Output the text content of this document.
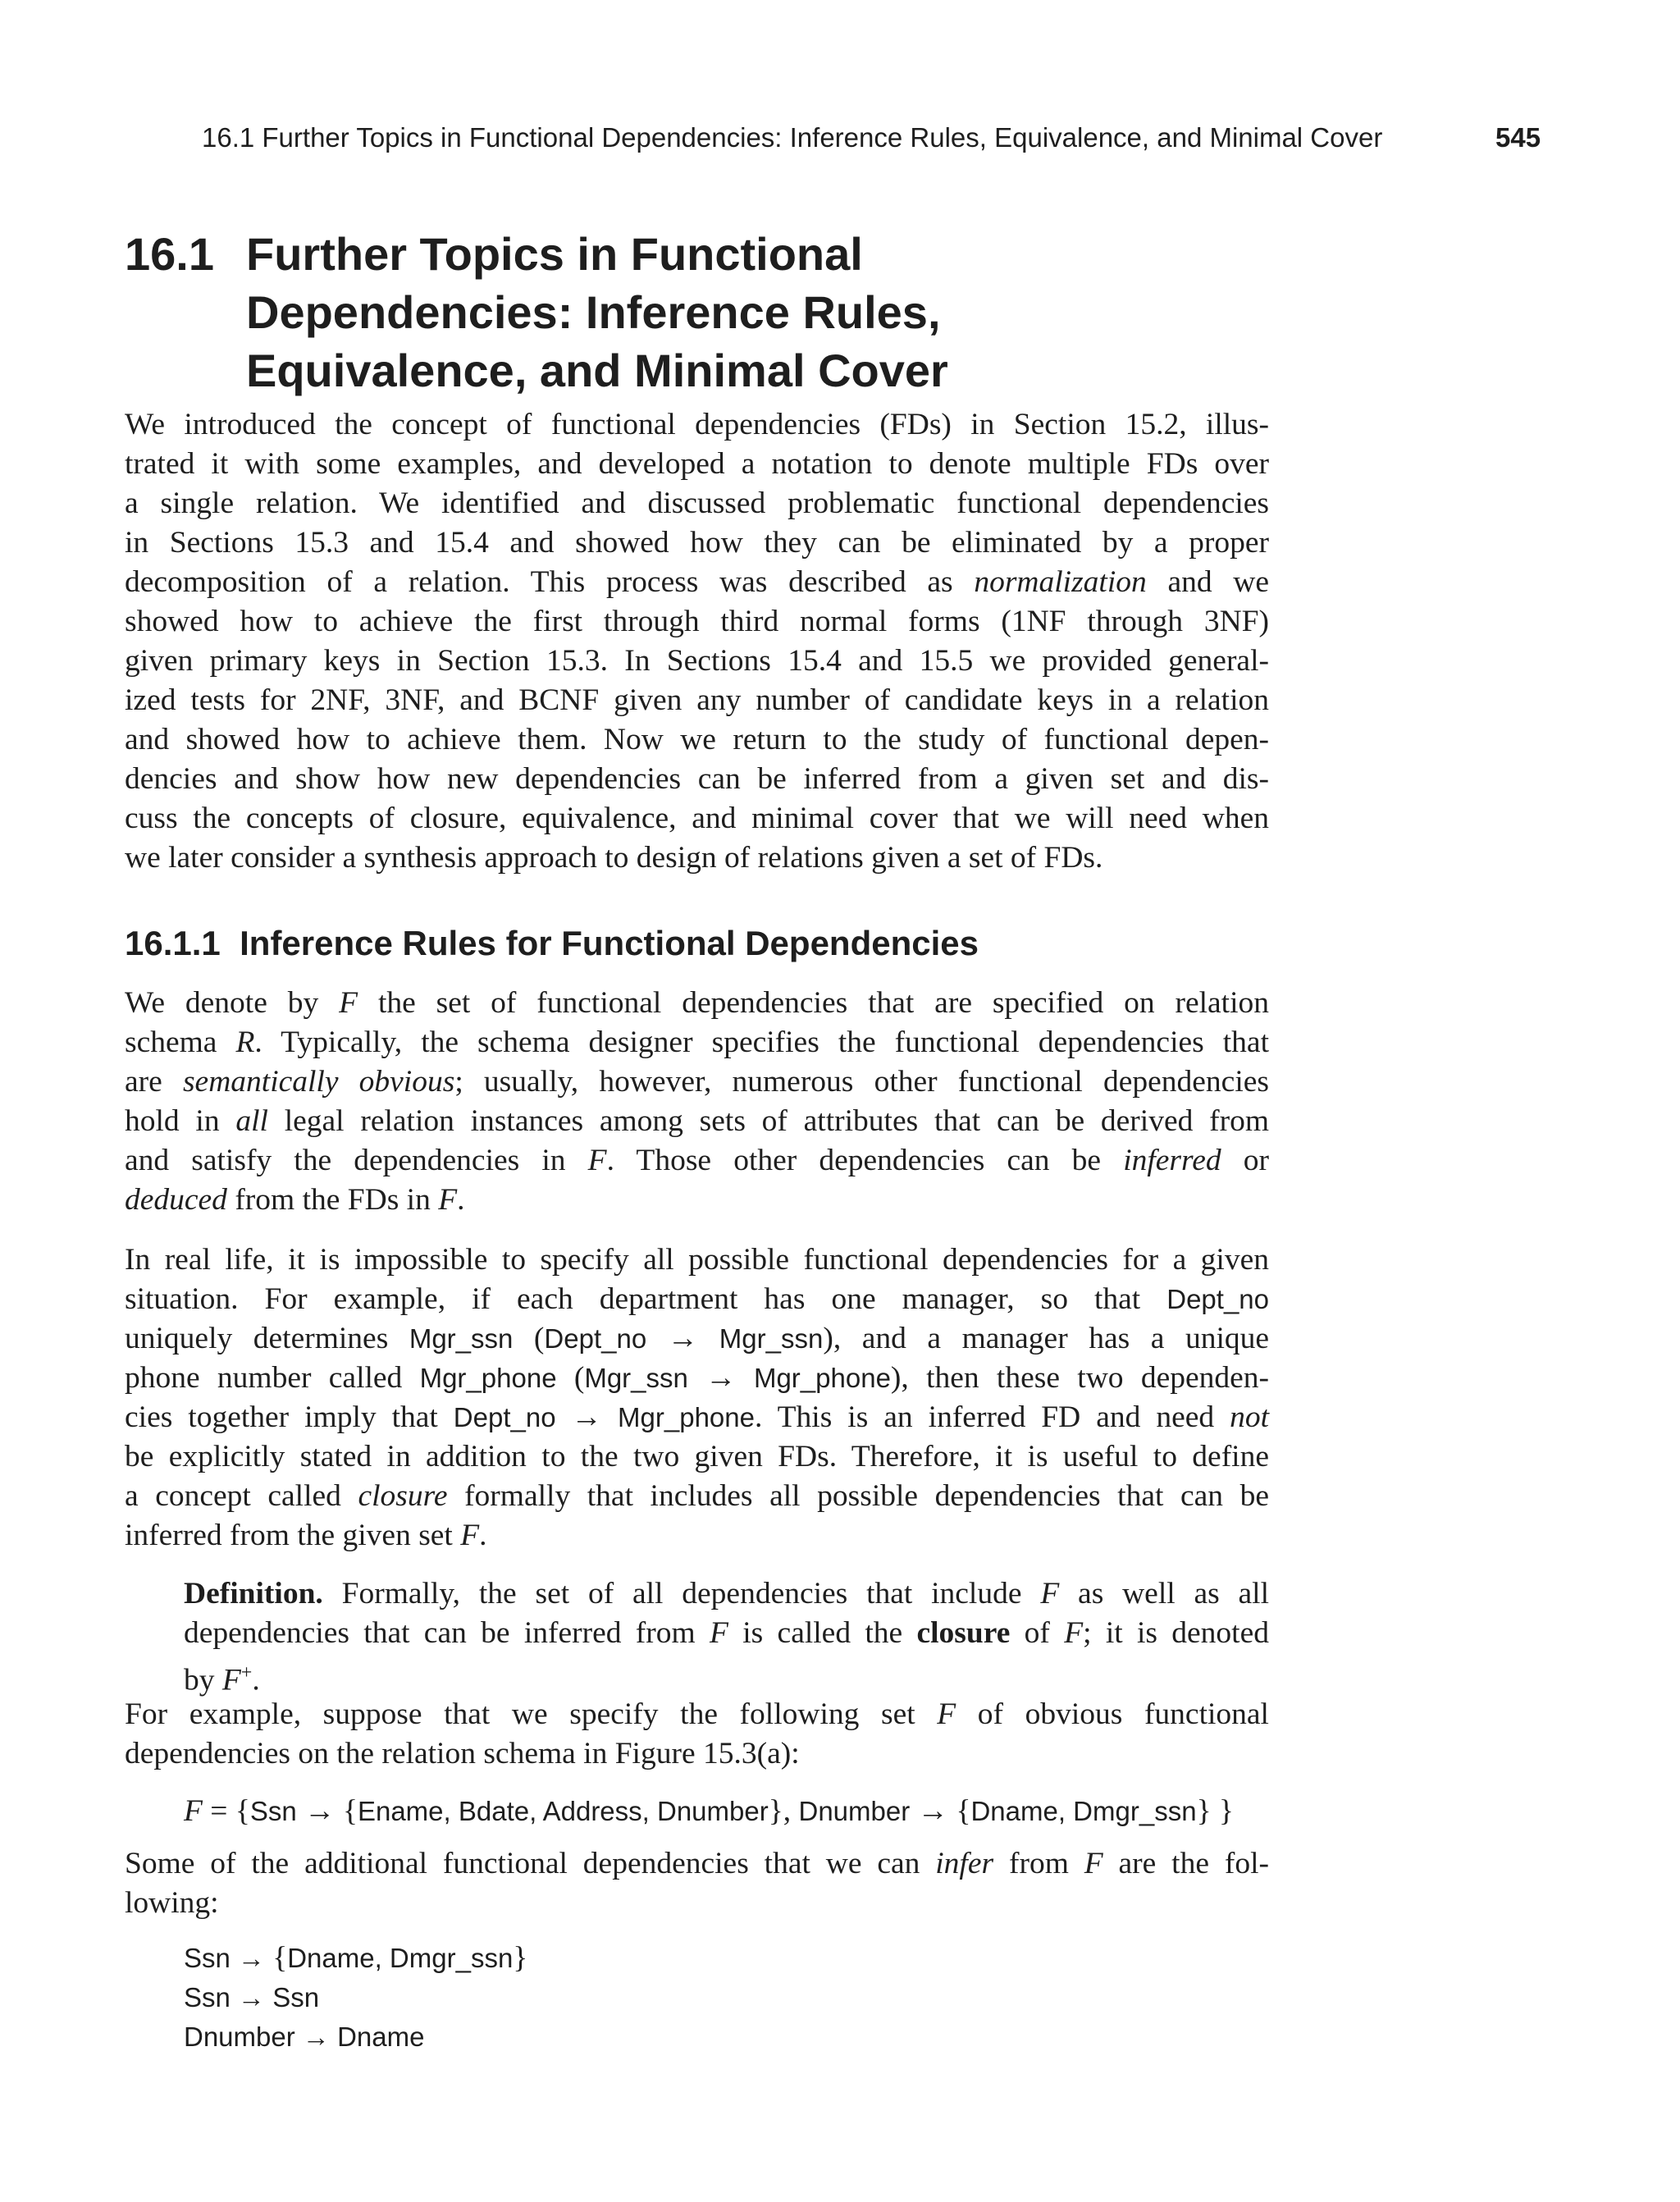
16.1 Further Topics in Functional Dependencies: Inference Rules, Equivalence, and Minimal Cover	545
16.1 Further Topics in Functional
Dependencies: Inference Rules,
Equivalence, and Minimal Cover
We introduced the concept of functional dependencies (FDs) in Section 15.2, illus-
trated it with some examples, and developed a notation to denote multiple FDs over
a single relation. We identified and discussed problematic functional dependencies
in Sections 15.3 and 15.4 and showed how they can be eliminated by a proper
decomposition of a relation. This process was described as normalization and we
showed how to achieve the first through third normal forms (1NF through 3NF)
given primary keys in Section 15.3. In Sections 15.4 and 15.5 we provided general-
ized tests for 2NF, 3NF, and BCNF given any number of candidate keys in a relation
and showed how to achieve them. Now we return to the study of functional depen-
dencies and show how new dependencies can be inferred from a given set and dis-
cuss the concepts of closure, equivalence, and minimal cover that we will need when
we later consider a synthesis approach to design of relations given a set of FDs.
16.1.1 Inference Rules for Functional Dependencies
We denote by F the set of functional dependencies that are specified on relation
schema R. Typically, the schema designer specifies the functional dependencies that
are semantically obvious; usually, however, numerous other functional dependencies
hold in all legal relation instances among sets of attributes that can be derived from
and satisfy the dependencies in F. Those other dependencies can be inferred or
deduced from the FDs in F.
In real life, it is impossible to specify all possible functional dependencies for a given
situation. For example, if each department has one manager, so that Dept_no
uniquely determines Mgr_ssn (Dept_no → Mgr_ssn), and a manager has a unique
phone number called Mgr_phone (Mgr_ssn → Mgr_phone), then these two dependen-
cies together imply that Dept_no → Mgr_phone. This is an inferred FD and need not
be explicitly stated in addition to the two given FDs. Therefore, it is useful to define
a concept called closure formally that includes all possible dependencies that can be
inferred from the given set F.
Definition. Formally, the set of all dependencies that include F as well as all
dependencies that can be inferred from F is called the closure of F; it is denoted
by F+.
For example, suppose that we specify the following set F of obvious functional
dependencies on the relation schema in Figure 15.3(a):
F = {Ssn → {Ename, Bdate, Address, Dnumber}, Dnumber → {Dname, Dmgr_ssn} }
Some of the additional functional dependencies that we can infer from F are the fol-
lowing:
Ssn → {Dname, Dmgr_ssn}
Ssn → Ssn
Dnumber → Dname
